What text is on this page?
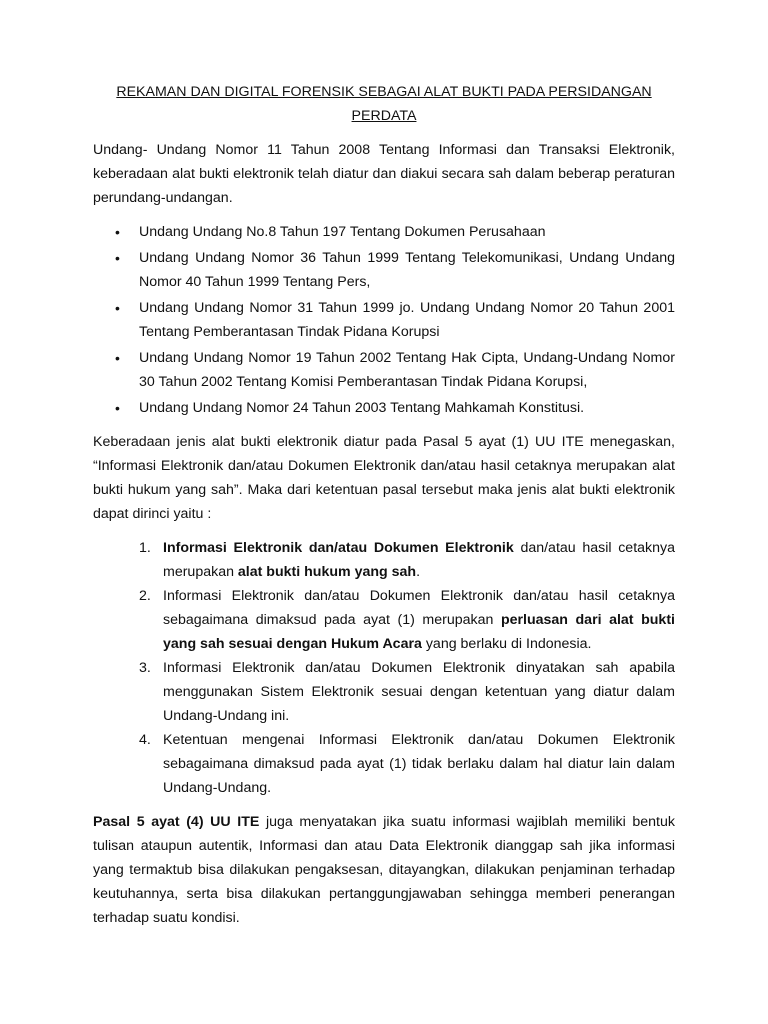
REKAMAN DAN DIGITAL FORENSIK SEBAGAI ALAT BUKTI PADA PERSIDANGAN
PERDATA

Undang- Undang Nomor 11 Tahun 2008 Tentang Informasi dan Transaksi Elektronik, keberadaan alat bukti elektronik telah diatur dan diakui secara sah dalam beberap peraturan perundang-undangan.

• Undang Undang No.8 Tahun 197 Tentang Dokumen Perusahaan
• Undang Undang Nomor 36 Tahun 1999 Tentang Telekomunikasi, Undang Undang Nomor 40 Tahun 1999 Tentang Pers,
• Undang Undang Nomor 31 Tahun 1999 jo. Undang Undang Nomor 20 Tahun 2001 Tentang Pemberantasan Tindak Pidana Korupsi
• Undang Undang Nomor 19 Tahun 2002 Tentang Hak Cipta, Undang-Undang Nomor 30 Tahun 2002 Tentang Komisi Pemberantasan Tindak Pidana Korupsi,
• Undang Undang Nomor 24 Tahun 2003 Tentang Mahkamah Konstitusi.

Keberadaan jenis alat bukti elektronik diatur pada Pasal 5 ayat (1) UU ITE menegaskan, “Informasi Elektronik dan/atau Dokumen Elektronik dan/atau hasil cetaknya merupakan alat bukti hukum yang sah”. Maka dari ketentuan pasal tersebut maka jenis alat bukti elektronik dapat dirinci yaitu :

1. Informasi Elektronik dan/atau Dokumen Elektronik dan/atau hasil cetaknya merupakan alat bukti hukum yang sah.
2. Informasi Elektronik dan/atau Dokumen Elektronik dan/atau hasil cetaknya sebagaimana dimaksud pada ayat (1) merupakan perluasan dari alat bukti yang sah sesuai dengan Hukum Acara yang berlaku di Indonesia.
3. Informasi Elektronik dan/atau Dokumen Elektronik dinyatakan sah apabila menggunakan Sistem Elektronik sesuai dengan ketentuan yang diatur dalam Undang-Undang ini.
4. Ketentuan mengenai Informasi Elektronik dan/atau Dokumen Elektronik sebagaimana dimaksud pada ayat (1) tidak berlaku dalam hal diatur lain dalam Undang-Undang.

Pasal 5 ayat (4) UU ITE juga menyatakan jika suatu informasi wajiblah memiliki bentuk tulisan ataupun autentik, Informasi dan atau Data Elektronik dianggap sah jika informasi yang termaktub bisa dilakukan pengaksesan, ditayangkan, dilakukan penjaminan terhadap keutuhannya, serta bisa dilakukan pertanggungjawaban sehingga memberi penerangan terhadap suatu kondisi.
